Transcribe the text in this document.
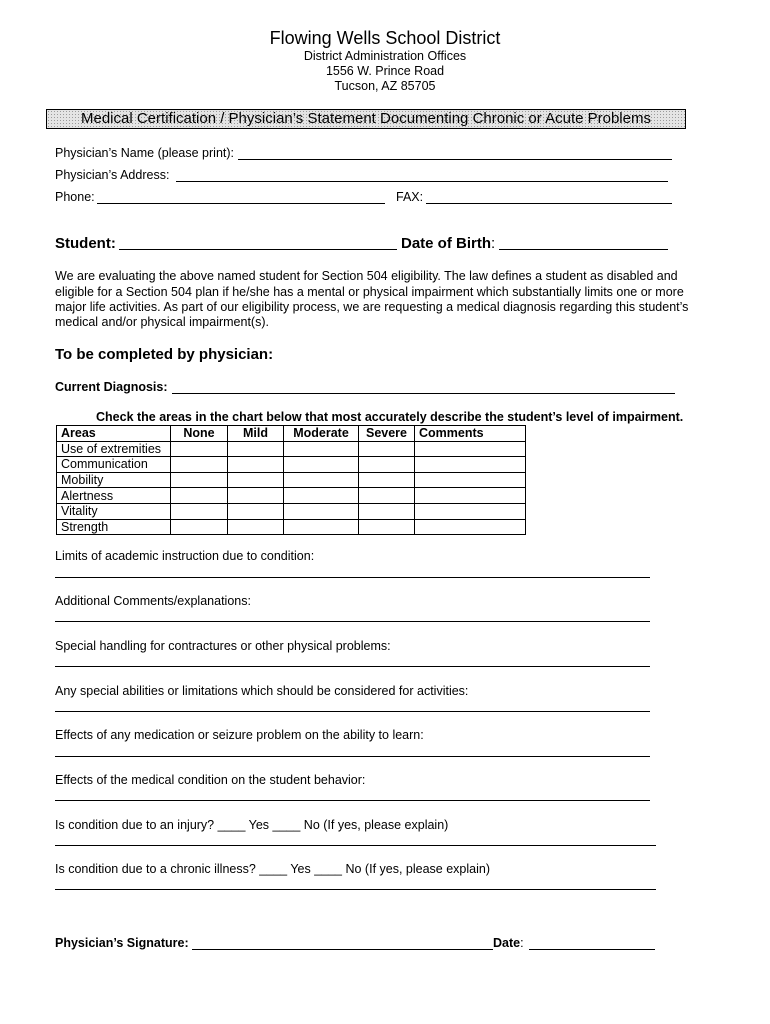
Flowing Wells School District
District Administration Offices
1556 W. Prince Road
Tucson, AZ 85705
Medical Certification / Physician’s Statement Documenting Chronic or Acute Problems
Physician’s Name (please print):
Physician’s Address:
Phone:	FAX:
Student:	Date of Birth:
We are evaluating the above named student for Section 504 eligibility. The law defines a student as disabled and
eligible for a Section 504 plan if he/she has a mental or physical impairment which substantially limits one or more
major life activities. As part of our eligibility process, we are requesting a medical diagnosis regarding this student’s
medical and/or physical impairment(s).
To be completed by physician:
Current Diagnosis:
Check the areas in the chart below that most accurately describe the student’s level of impairment.
Areas	None	Mild	Moderate	Severe	Comments
Use of extremities					
Communication					
Mobility					
Alertness					
Vitality					
Strength					
Limits of academic instruction due to condition:
Additional Comments/explanations:
Special handling for contractures or other physical problems:
Any special abilities or limitations which should be considered for activities:
Effects of any medication or seizure problem on the ability to learn:
Effects of the medical condition on the student behavior:
Is condition due to an injury? ____ Yes ____ No (If yes, please explain)
Is condition due to a chronic illness? ____ Yes ____ No (If yes, please explain)
Physician’s Signature:	Date:
